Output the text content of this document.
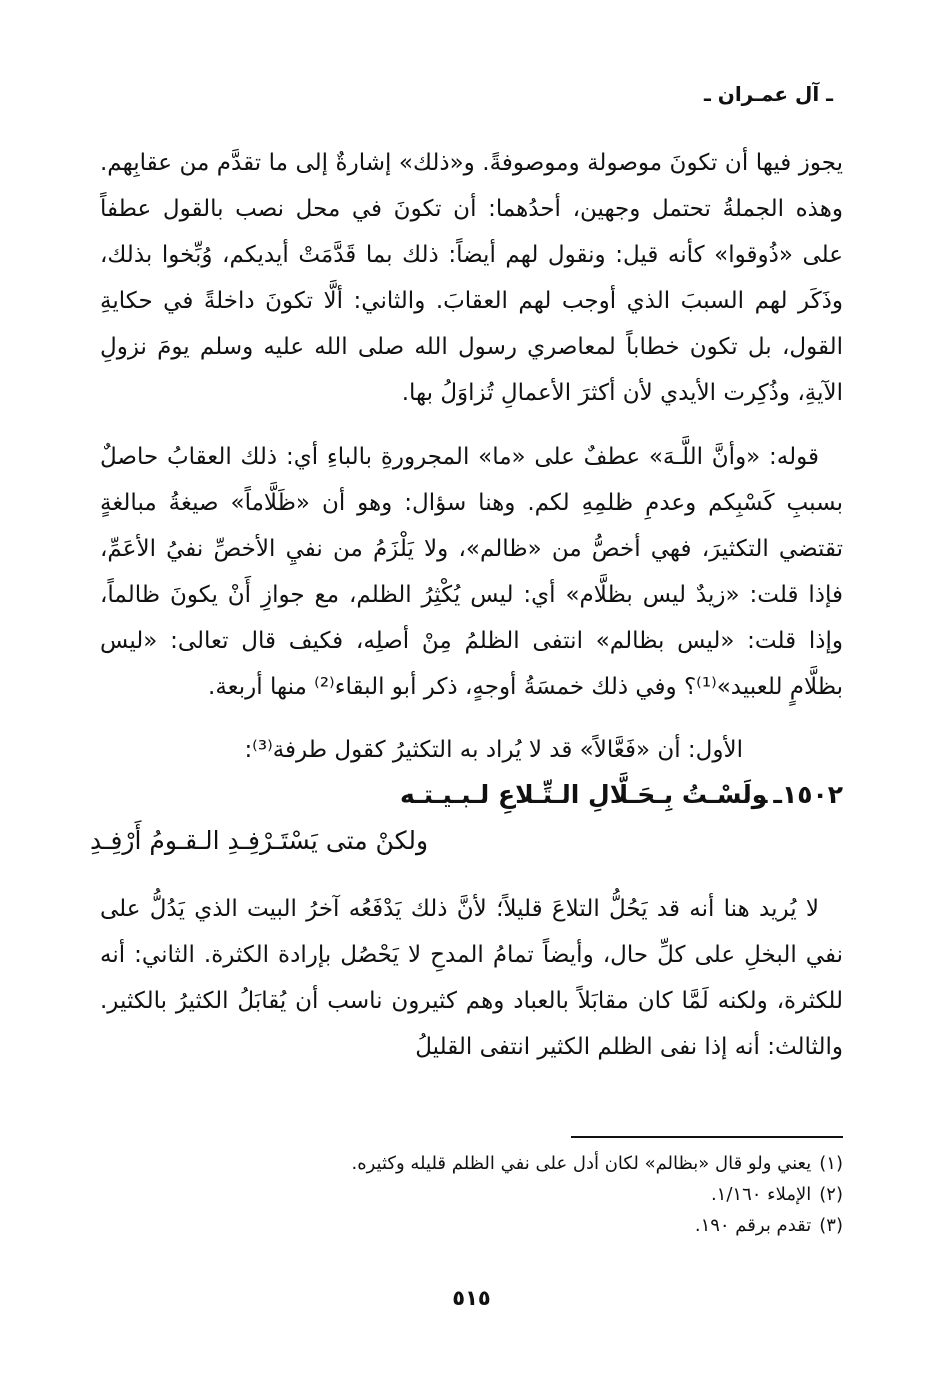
ـ آل عمـران ـ

يجوز فيها أن تكونَ موصولة وموصوفةً. و«ذلك» إشارةٌ إلى ما تقدَّم من عقابِهم. وهذه الجملةُ تحتمل وجهين، أحدُهما: أن تكونَ في محل نصب بالقول عطفاً على «ذُوقوا» كأنه قيل: ونقول لهم أيضاً: ذلك بما قَدَّمَتْ أيديكم، وُبِّخوا بذلك، وذَكَر لهم السببَ الذي أوجب لهم العقابَ. والثاني: ألَّا تكونَ داخلةً في حكايةِ القول، بل تكون خطاباً لمعاصري رسول الله صلى الله عليه وسلم يومَ نزولِ الآيةِ، وذُكِرت الأيدي لأن أكثرَ الأعمالِ تُزاوَلُ بها.

قوله: «وأنَّ اللَّـهَ» عطفٌ على «ما» المجرورةِ بالباءِ أي: ذلك العقابُ حاصلٌ بسببِ كَسْبِكم وعدمِ ظلمِهِ لكم. وهنا سؤال: وهو أن «ظَلَّاماً» صيغةُ مبالغةٍ تقتضي التكثيرَ، فهي أخصُّ من «ظالم»، ولا يَلْزَمُ من نفيِ الأخصِّ نفيُ الأعَمِّ، فإذا قلت: «زيدٌ ليس بظلَّام» أي: ليس يُكْثِرُ الظلم، مع جوازِ أَنْ يكونَ ظالماً، وإذا قلت: «ليس بظالم» انتفى الظلمُ مِنْ أصلِه، فكيف قال تعالى: «ليس بظلَّامٍ للعبيد»⁽¹⁾؟ وفي ذلك خمسَةُ أوجهٍ، ذكر أبو البقاء⁽²⁾ منها أربعة.

الأول: أن «فَعَّالاً» قد لا يُراد به التكثيرُ كقول طرفة⁽³⁾:
١٥٠٢ـولَسْـتُ بِـحَـلَّالِ الـتِّـلاعِ لـبـيـتـه
ولكنْ متى يَسْتَـرْفِـدِ الـقـومُ أَرْفِـدِ

لا يُريد هنا أنه قد يَحُلُّ التلاعَ قليلاً؛ لأنَّ ذلك يَدْفَعُه آخرُ البيت الذي يَدُلُّ على نفي البخلِ على كلِّ حال، وأيضاً تمامُ المدحِ لا يَحْصُل بإرادة الكثرة. الثاني: أنه للكثرة، ولكنه لَمَّا كان مقابَلاً بالعباد وهم كثيرون ناسب أن يُقابَلُ الكثيرُ بالكثير. والثالث: أنه إذا نفى الظلم الكثير انتفى القليلُ

(١)يعني ولو قال «بظالم» لكان أدل على نفي الظلم قليله وكثيره.
(٢)الإملاء ١/١٦٠.
(٣)تقدم برقم ١٩٠.
٥١٥
